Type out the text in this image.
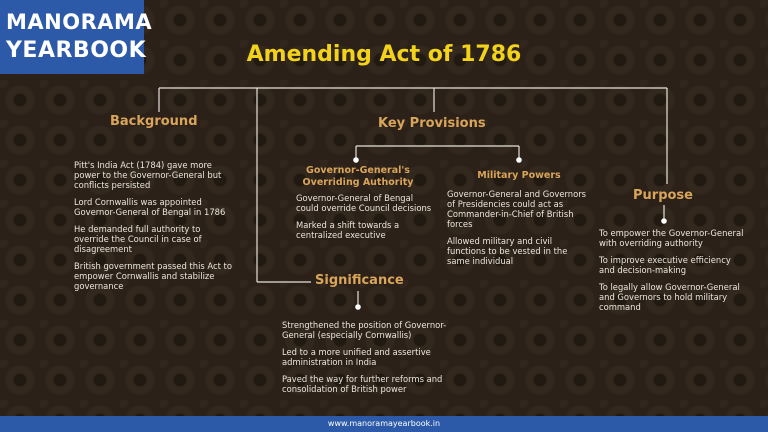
MANORAMA
YEARBOOK	Amending Act of 1786
Background

Pitt's India Act (1784) gave more power to the Governor-General but conflicts persisted

Lord Cornwallis was appointed Governor-General of Bengal in 1786

He demanded full authority to override the Council in case of disagreement

British government passed this Act to empower Cornwallis and stabilize governance

Key Provisions
Governor-General's Overriding Authority

Governor-General of Bengal could override Council decisions

Marked a shift towards a centralized executive

Military Powers

Governor-General and Governors of Presidencies could act as Commander-in-Chief of British forces

Allowed military and civil functions to be vested in the same individual

Significance

Strengthened the position of Governor-General (especially Cornwallis)

Led to a more unified and assertive administration in India

Paved the way for further reforms and consolidation of British power

Purpose

To empower the Governor-General with overriding authority

To improve executive efficiency and decision-making

To legally allow Governor-General and Governors to hold military command

www.manoramayearbook.in
